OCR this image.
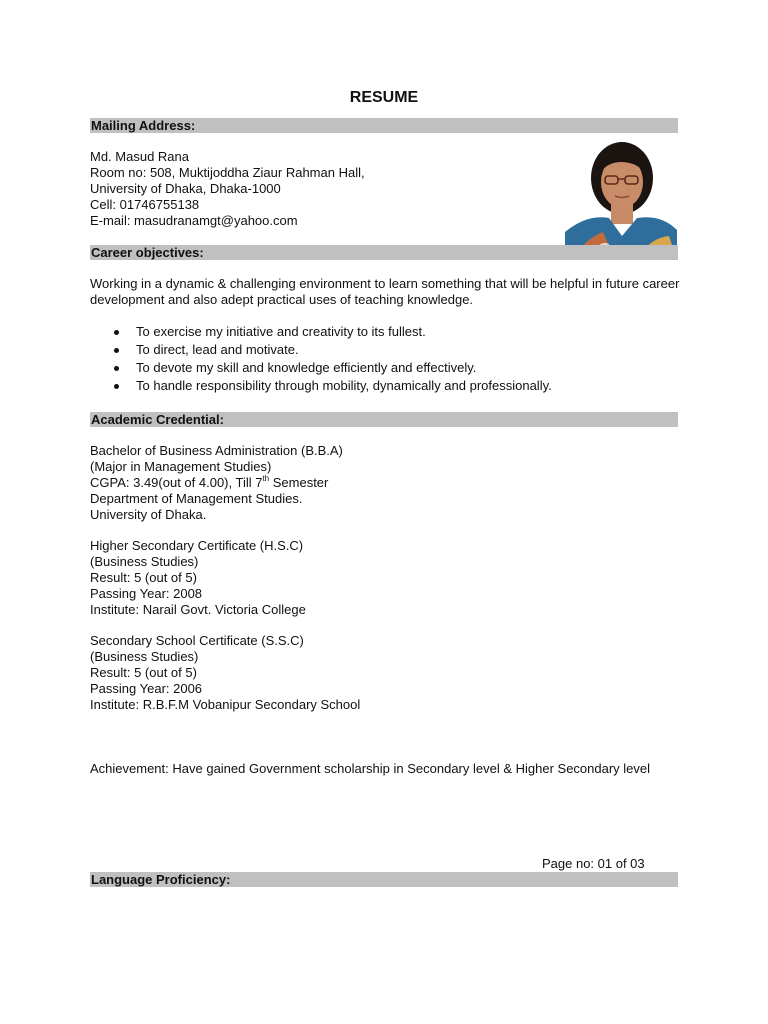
RESUME
Mailing Address:
Md. Masud Rana
Room no: 508, Muktijoddha Ziaur Rahman Hall,
University of Dhaka, Dhaka-1000
Cell: 01746755138
E-mail: masudranamgt@yahoo.com
Career objectives:
Working in a dynamic & challenging environment to learn something that will be helpful in future career development and also adept practical uses of teaching knowledge.
To exercise my initiative and creativity to its fullest.
To direct, lead and motivate.
To devote my skill and knowledge efficiently and effectively.
To handle responsibility through mobility, dynamically and professionally.
Academic Credential:
Bachelor of Business Administration (B.B.A)
(Major in Management Studies)
CGPA: 3.49(out of 4.00), Till 7th Semester
Department of Management Studies.
University of Dhaka.
Higher Secondary Certificate (H.S.C)
(Business Studies)
Result: 5 (out of 5)
Passing Year: 2008
Institute: Narail Govt. Victoria College
Secondary School Certificate (S.S.C)
(Business Studies)
Result: 5 (out of 5)
Passing Year: 2006
Institute: R.B.F.M Vobanipur Secondary School
Achievement: Have gained Government scholarship in Secondary level & Higher Secondary level
Page no: 01 of 03
Language Proficiency:
